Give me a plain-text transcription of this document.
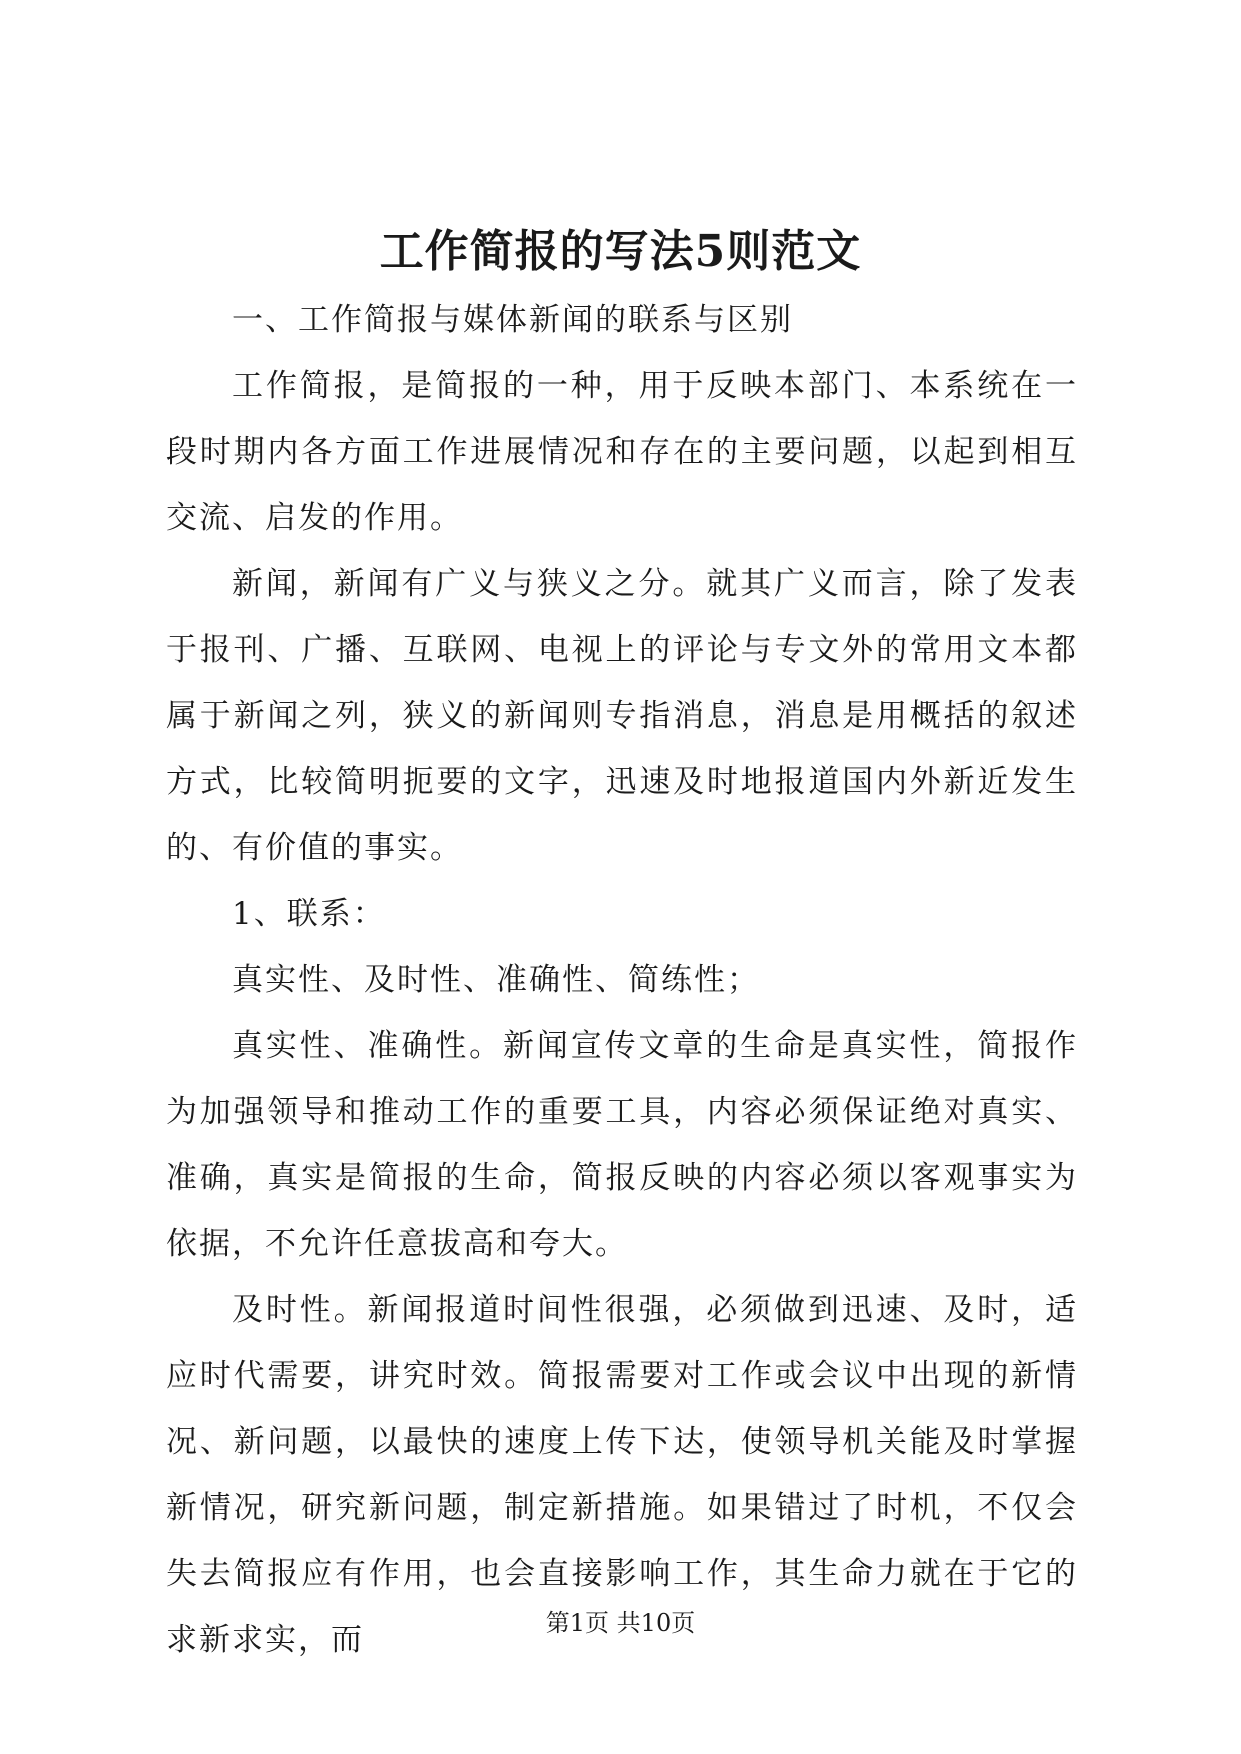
工作简报的写法5则范文

一、工作简报与媒体新闻的联系与区别

工作简报，是简报的一种，用于反映本部门、本系统在一段时期内各方面工作进展情况和存在的主要问题，以起到相互交流、启发的作用。

新闻，新闻有广义与狭义之分。就其广义而言，除了发表于报刊、广播、互联网、电视上的评论与专文外的常用文本都属于新闻之列，狭义的新闻则专指消息，消息是用概括的叙述方式，比较简明扼要的文字，迅速及时地报道国内外新近发生的、有价值的事实。

1、联系：

真实性、及时性、准确性、简练性；

真实性、准确性。新闻宣传文章的生命是真实性，简报作为加强领导和推动工作的重要工具，内容必须保证绝对真实、准确，真实是简报的生命，简报反映的内容必须以客观事实为依据，不允许任意拔高和夸大。

及时性。新闻报道时间性很强，必须做到迅速、及时，适应时代需要，讲究时效。简报需要对工作或会议中出现的新情况、新问题，以最快的速度上传下达，使领导机关能及时掌握新情况，研究新问题，制定新措施。如果错过了时机，不仅会失去简报应有作用，也会直接影响工作，其生命力就在于它的求新求实，而	第1页 共10页
